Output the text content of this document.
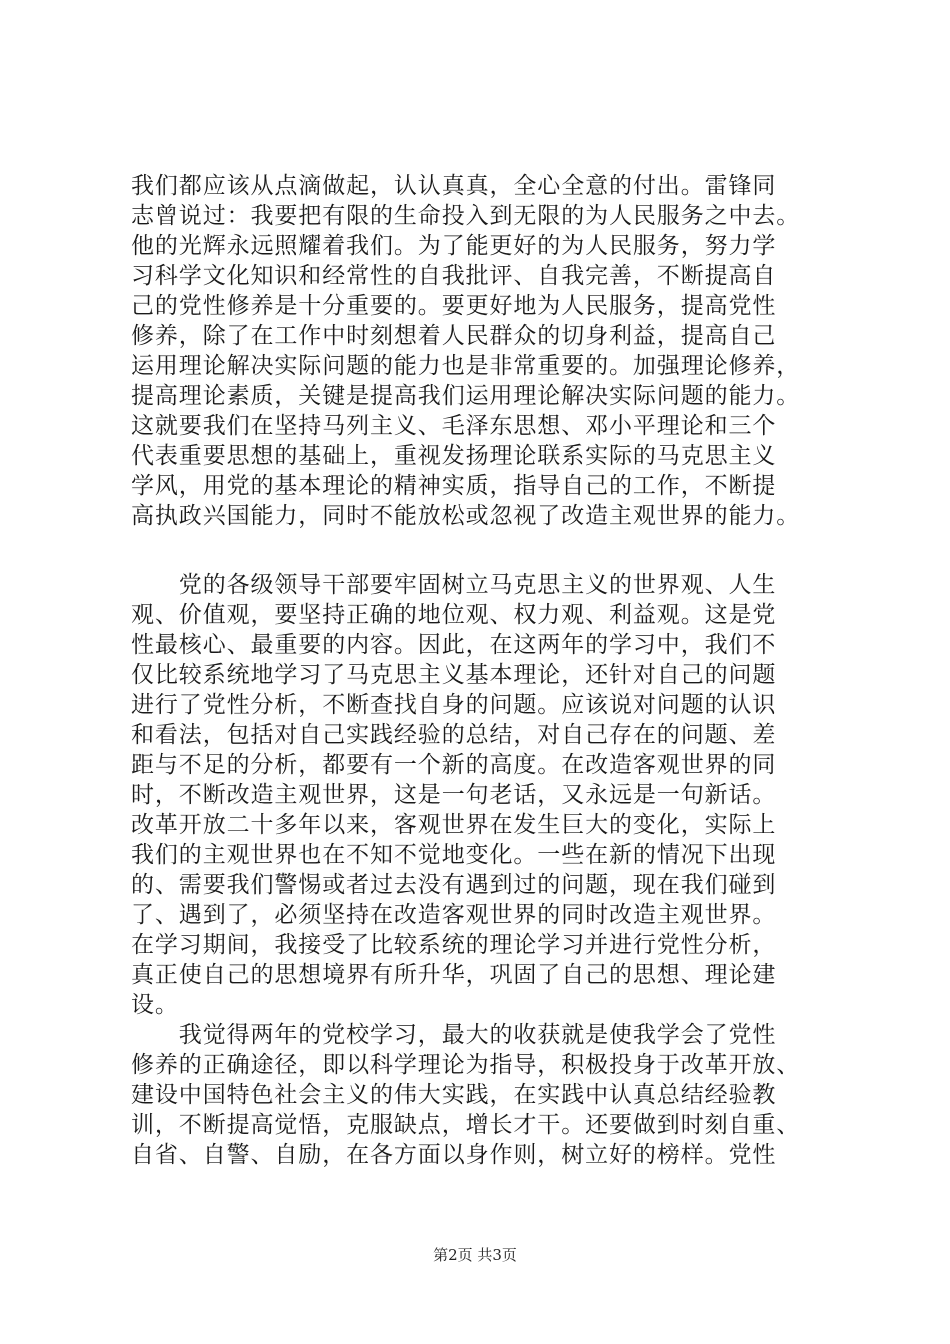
我们都应该从点滴做起，认认真真，全心全意的付出。雷锋同
志曾说过：我要把有限的生命投入到无限的为人民服务之中去。
他的光辉永远照耀着我们。为了能更好的为人民服务，努力学
习科学文化知识和经常性的自我批评、自我完善，不断提高自
己的党性修养是十分重要的。要更好地为人民服务，提高党性
修养，除了在工作中时刻想着人民群众的切身利益，提高自己
运用理论解决实际问题的能力也是非常重要的。加强理论修养，
提高理论素质，关键是提高我们运用理论解决实际问题的能力。
这就要我们在坚持马列主义、毛泽东思想、邓小平理论和三个
代表重要思想的基础上，重视发扬理论联系实际的马克思主义
学风，用党的基本理论的精神实质，指导自己的工作，不断提
高执政兴国能力，同时不能放松或忽视了改造主观世界的能力。
　　党的各级领导干部要牢固树立马克思主义的世界观、人生
观、价值观，要坚持正确的地位观、权力观、利益观。这是党
性最核心、最重要的内容。因此，在这两年的学习中，我们不
仅比较系统地学习了马克思主义基本理论，还针对自己的问题
进行了党性分析，不断查找自身的问题。应该说对问题的认识
和看法，包括对自己实践经验的总结，对自己存在的问题、差
距与不足的分析，都要有一个新的高度。在改造客观世界的同
时，不断改造主观世界，这是一句老话，又永远是一句新话。
改革开放二十多年以来，客观世界在发生巨大的变化，实际上
我们的主观世界也在不知不觉地变化。一些在新的情况下出现
的、需要我们警惕或者过去没有遇到过的问题，现在我们碰到
了、遇到了，必须坚持在改造客观世界的同时改造主观世界。
在学习期间，我接受了比较系统的理论学习并进行党性分析，
真正使自己的思想境界有所升华，巩固了自己的思想、理论建
设。
　　我觉得两年的党校学习，最大的收获就是使我学会了党性
修养的正确途径，即以科学理论为指导，积极投身于改革开放、
建设中国特色社会主义的伟大实践，在实践中认真总结经验教
训，不断提高觉悟，克服缺点，增长才干。还要做到时刻自重、
自省、自警、自励，在各方面以身作则，树立好的榜样。党性
第2页 共3页
